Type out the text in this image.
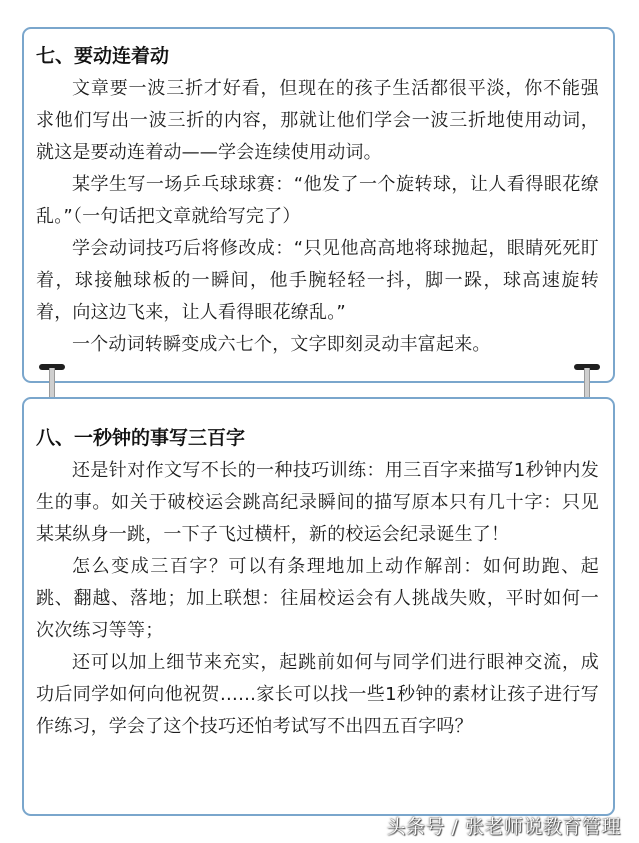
七、要动连着动

文章要一波三折才好看，但现在的孩子生活都很平淡，你不能强求他们写出一波三折的内容，那就让他们学会一波三折地使用动词，就这是要动连着动——学会连续使用动词。

某学生写一场乒乓球球赛：“他发了一个旋转球，让人看得眼花缭乱。”（一句话把文章就给写完了）

学会动词技巧后将修改成：“只见他高高地将球抛起，眼睛死死盯着，球接触球板的一瞬间，他手腕轻轻一抖，脚一跺，球高速旋转着，向这边飞来，让人看得眼花缭乱。”

一个动词转瞬变成六七个，文字即刻灵动丰富起来。

八、一秒钟的事写三百字

还是针对作文写不长的一种技巧训练：用三百字来描写1秒钟内发生的事。如关于破校运会跳高纪录瞬间的描写原本只有几十字：只见某某纵身一跳，一下子飞过横杆，新的校运会纪录诞生了！

怎么变成三百字？可以有条理地加上动作解剖：如何助跑、起跳、翻越、落地；加上联想：往届校运会有人挑战失败，平时如何一次次练习等等；

还可以加上细节来充实，起跳前如何与同学们进行眼神交流，成功后同学如何向他祝贺……家长可以找一些1秒钟的素材让孩子进行写作练习，学会了这个技巧还怕考试写不出四五百字吗？

头条号 / 张老师说教育管理
